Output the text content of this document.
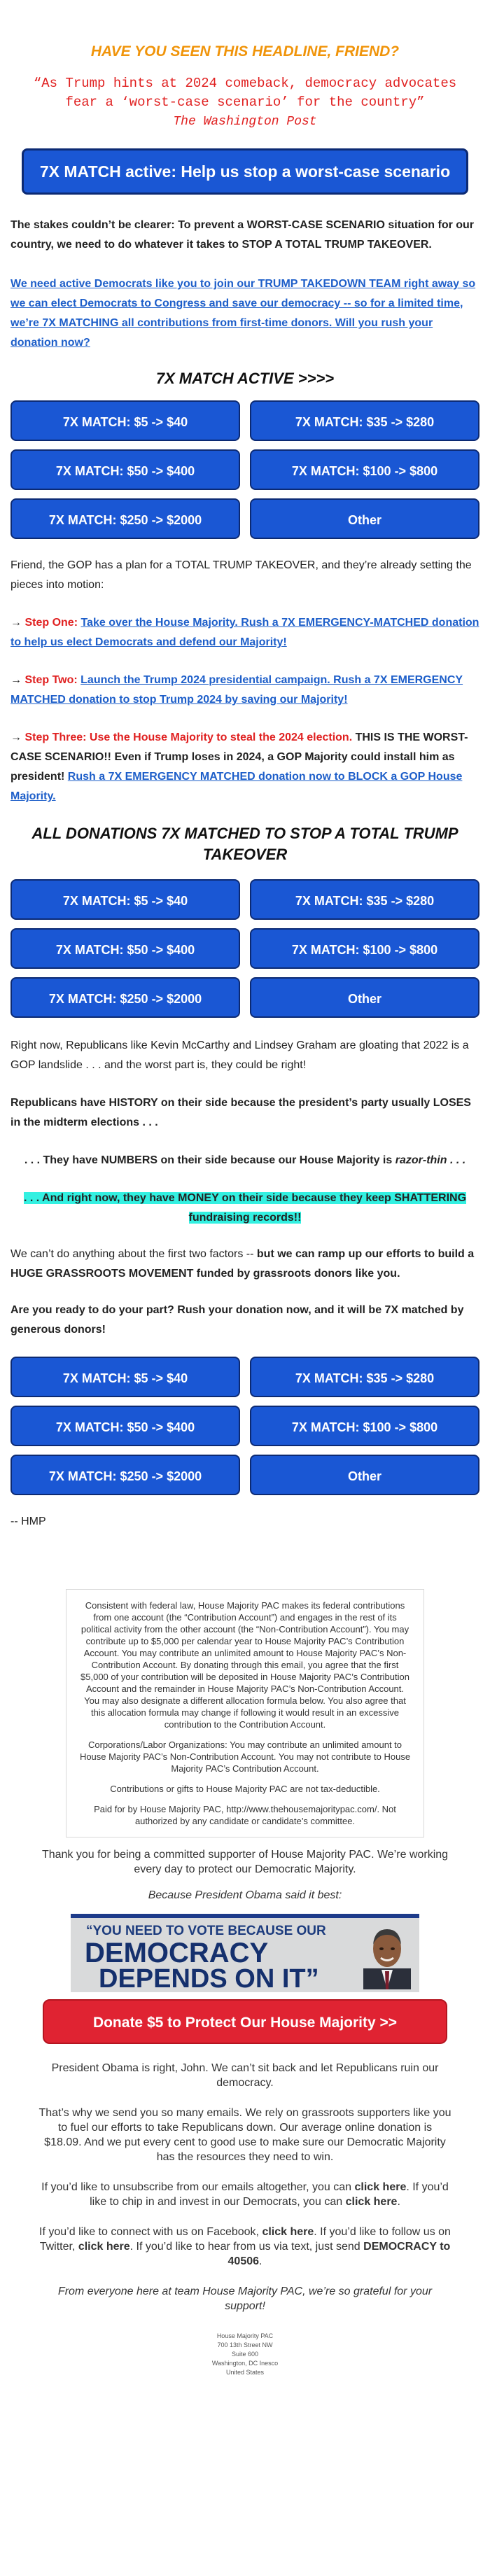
HAVE YOU SEEN THIS HEADLINE, FRIEND?

“As Trump hints at 2024 comeback, democracy advocates fear a ‘worst-case scenario’ for the country”

The Washington Post

7X MATCH active: Help us stop a worst-case scenario

The stakes couldn’t be clearer: To prevent a WORST-CASE SCENARIO situation for our country, we need to do whatever it takes to STOP A TOTAL TRUMP TAKEOVER.

We need active Democrats like you to join our TRUMP TAKEDOWN TEAM right away so we can elect Democrats to Congress and save our democracy -- so for a limited time, we’re 7X MATCHING all contributions from first-time donors. Will you rush your donation now?

7X MATCH ACTIVE >>>>

7X MATCH: $5 -> $40	7X MATCH: $35 -> $280
7X MATCH: $50 -> $400	7X MATCH: $100 -> $800
7X MATCH: $250 -> $2000	Other

Friend, the GOP has a plan for a TOTAL TRUMP TAKEOVER, and they’re already setting the pieces into motion:

→ Step One: Take over the House Majority. Rush a 7X EMERGENCY-MATCHED donation to help us elect Democrats and defend our Majority!

→ Step Two: Launch the Trump 2024 presidential campaign. Rush a 7X EMERGENCY MATCHED donation to stop Trump 2024 by saving our Majority!

→ Step Three: Use the House Majority to steal the 2024 election. THIS IS THE WORST-CASE SCENARIO!! Even if Trump loses in 2024, a GOP Majority could install him as president! Rush a 7X EMERGENCY MATCHED donation now to BLOCK a GOP House Majority.

ALL DONATIONS 7X MATCHED TO STOP A TOTAL TRUMP TAKEOVER

7X MATCH: $5 -> $40	7X MATCH: $35 -> $280
7X MATCH: $50 -> $400	7X MATCH: $100 -> $800
7X MATCH: $250 -> $2000	Other

Right now, Republicans like Kevin McCarthy and Lindsey Graham are gloating that 2022 is a GOP landslide . . . and the worst part is, they could be right!

Republicans have HISTORY on their side because the president’s party usually LOSES in the midterm elections . . .

. . . They have NUMBERS on their side because our House Majority is razor-thin . . .

. . . And right now, they have MONEY on their side because they keep SHATTERING fundraising records!!

We can’t do anything about the first two factors -- but we can ramp up our efforts to build a HUGE GRASSROOTS MOVEMENT funded by grassroots donors like you.

Are you ready to do your part? Rush your donation now, and it will be 7X matched by generous donors!

7X MATCH: $5 -> $40	7X MATCH: $35 -> $280
7X MATCH: $50 -> $400	7X MATCH: $100 -> $800
7X MATCH: $250 -> $2000	Other

-- HMP

Consistent with federal law, House Majority PAC makes its federal contributions from one account (the “Contribution Account”) and engages in the rest of its political activity from the other account (the “Non-Contribution Account”). You may contribute up to $5,000 per calendar year to House Majority PAC’s Contribution Account. You may contribute an unlimited amount to House Majority PAC’s Non-Contribution Account. By donating through this email, you agree that the first $5,000 of your contribution will be deposited in House Majority PAC’s Contribution Account and the remainder in House Majority PAC’s Non-Contribution Account. You may also designate a different allocation formula below. You also agree that this allocation formula may change if following it would result in an excessive contribution to the Contribution Account.

Corporations/Labor Organizations: You may contribute an unlimited amount to House Majority PAC’s Non-Contribution Account. You may not contribute to House Majority PAC’s Contribution Account.

Contributions or gifts to House Majority PAC are not tax-deductible.

Paid for by House Majority PAC, http://www.thehousemajoritypac.com/. Not authorized by any candidate or candidate’s committee.

Thank you for being a committed supporter of House Majority PAC. We’re working every day to protect our Democratic Majority.

Because President Obama said it best:

“YOU NEED TO VOTE BECAUSE OUR
DEMOCRACY
DEPENDS ON IT”
Donate $5 to Protect Our House Majority >>

President Obama is right, John. We can’t sit back and let Republicans ruin our democracy.

That’s why we send you so many emails. We rely on grassroots supporters like you to fuel our efforts to take Republicans down. Our average online donation is $18.09. And we put every cent to good use to make sure our Democratic Majority has the resources they need to win.

If you’d like to unsubscribe from our emails altogether, you can click here. If you’d like to chip in and invest in our Democrats, you can click here.

If you’d like to connect with us on Facebook, click here. If you’d like to follow us on Twitter, click here. If you’d like to hear from us via text, just send DEMOCRACY to 40506.

From everyone here at team House Majority PAC, we’re so grateful for your support!

House Majority PAC

700 13th Street NW

Suite 600

Washington, DC Inesco

United States
